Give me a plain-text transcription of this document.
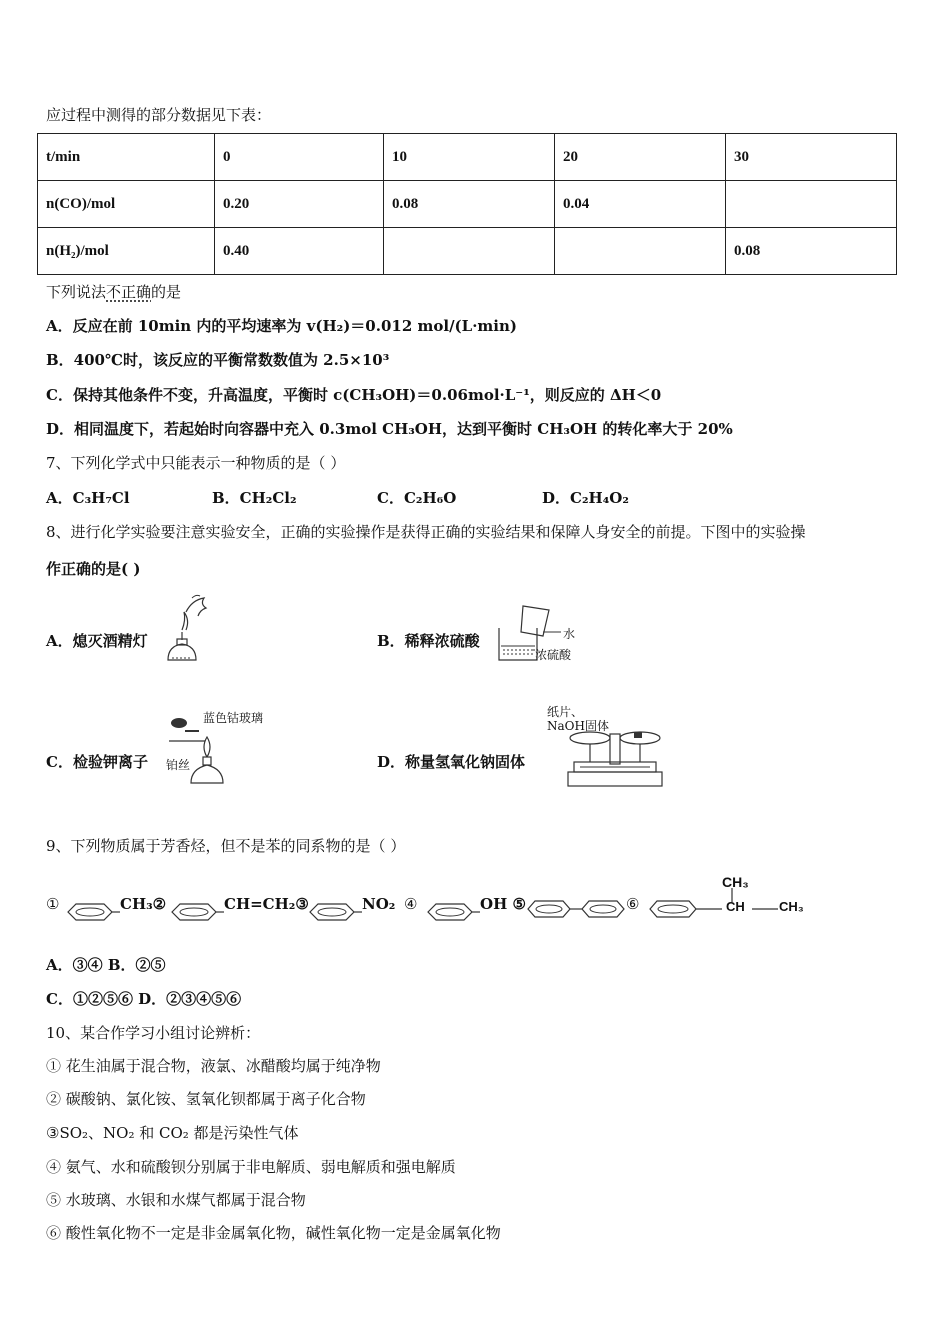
应过程中测得的部分数据见下表：
t/min	0	10	20	30
n(CO)/mol	0.20	0.08	0.04	
n(H₂)/mol	0.40			0.08
下列说法不正确的是
A．反应在前 10min 内的平均速率为 v(H₂)＝0.012 mol/(L·min)
B．400℃时，该反应的平衡常数数值为 2.5×10³
C．保持其他条件不变，升高温度，平衡时 c(CH₃OH)＝0.06mol·L⁻¹，则反应的 ΔH＜0
D．相同温度下，若起始时向容器中充入 0.3mol CH₃OH，达到平衡时 CH₃OH 的转化率大于 20%
7、下列化学式中只能表示一种物质的是（ ）
A．C₃H₇Cl	B．CH₂Cl₂	C．C₂H₆O	D．C₂H₄O₂
8、进行化学实验要注意实验安全，正确的实验操作是获得正确的实验结果和保障人身安全的前提。下图中的实验操
作正确的是( )
A．熄灭酒精灯	B．稀释浓硫酸	水
浓硫酸
C．检验钾离子
蓝色钴玻璃
铂丝	D．称量氢氧化钠固体
纸片、
NaOH固体
9、下列物质属于芳香烃，但不是苯的同系物的是（ ）
①	CH₃②	CH=CH₂③	NO₂ ④	OH ⑤	⑥
CH₃
CH	CH₃
A．③④ B．②⑤
C．①②⑤⑥ D．②③④⑤⑥
10、某合作学习小组讨论辨析：
① 花生油属于混合物，液氯、冰醋酸均属于纯净物
② 碳酸钠、氯化铵、氢氧化钡都属于离子化合物
③SO₂、NO₂ 和 CO₂ 都是污染性气体
④ 氨气、水和硫酸钡分别属于非电解质、弱电解质和强电解质
⑤ 水玻璃、水银和水煤气都属于混合物
⑥ 酸性氧化物不一定是非金属氧化物，碱性氧化物一定是金属氧化物
